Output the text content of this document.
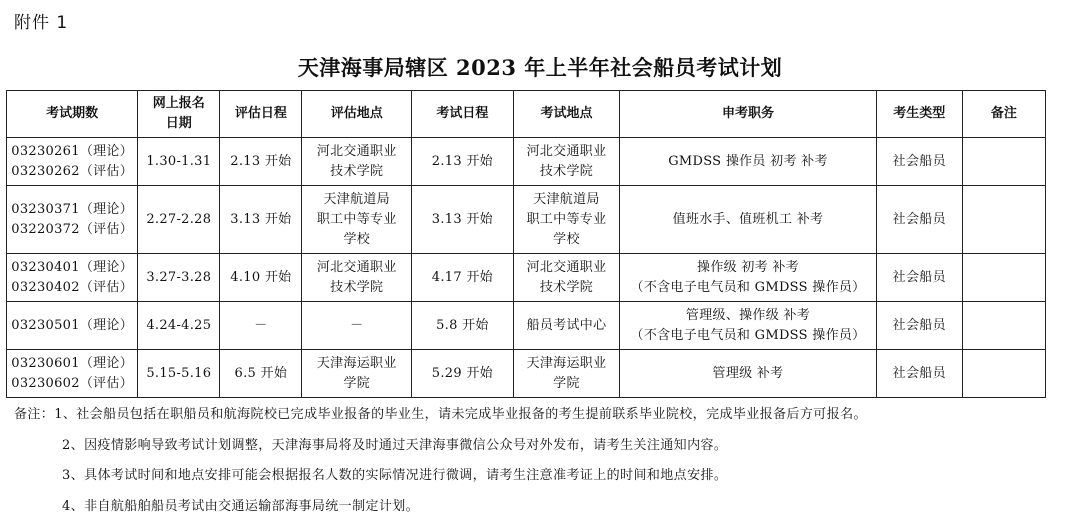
附件 1
天津海事局辖区 2023 年上半年社会船员考试计划
考试期数	网上报名
日期	评估日程	评估地点	考试日程	考试地点	申考职务	考生类型	备注

03230261（理论）
03230262（评估）	1.30-1.31	2.13 开始	河北交通职业
技术学院	2.13 开始	河北交通职业
技术学院	GMDSS 操作员 初考 补考	社会船员	

03230371（理论）
03220372（评估）	2.27-2.28	3.13 开始	天津航道局
职工中等专业
学校	3.13 开始	天津航道局
职工中等专业
学校	值班水手、值班机工 补考	社会船员	

03230401（理论）
03230402（评估）	3.27-3.28	4.10 开始	河北交通职业
技术学院	4.17 开始	河北交通职业
技术学院	操作级 初考 补考
（不含电子电气员和 GMDSS 操作员）	社会船员	

03230501（理论）	4.24-4.25	－	－	5.8 开始	船员考试中心	管理级、操作级 补考
（不含电子电气员和 GMDSS 操作员）	社会船员	

03230601（理论）
03230602（评估）	5.15-5.16	6.5 开始	天津海运职业
学院	5.29 开始	天津海运职业
学院	管理级 补考	社会船员	
备注：1、社会船员包括在职船员和航海院校已完成毕业报备的毕业生，请未完成毕业报备的考生提前联系毕业院校，完成毕业报备后方可报名。
2、因疫情影响导致考试计划调整，天津海事局将及时通过天津海事微信公众号对外发布，请考生关注通知内容。
3、具体考试时间和地点安排可能会根据报名人数的实际情况进行微调，请考生注意准考证上的时间和地点安排。
4、非自航船舶船员考试由交通运输部海事局统一制定计划。
